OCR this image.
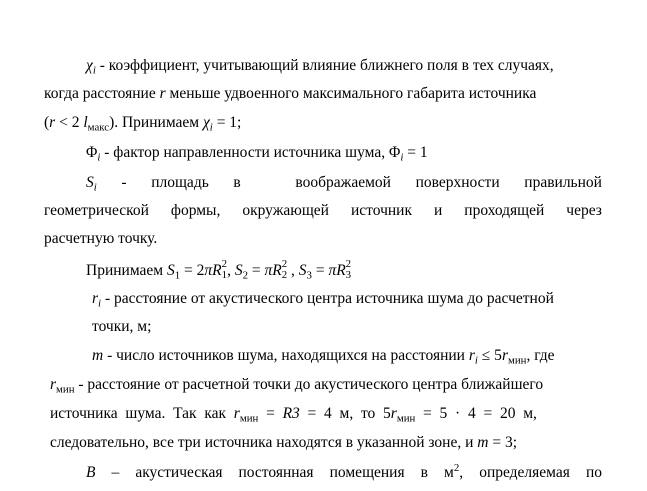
$\chi_i$ - коэффициент, учитывающий влияние ближнего поля в тех случаях,
когда расстояние r меньше удвоенного максимального габарита источника
(r < 2 $l_{макс}$). Принимаем $\chi_i = 1$;
$\Phi_i$ - фактор направленности источника шума, $\Phi_i = 1$
$S_i$ - площадь в	воображаемой поверхности правильной
геометрической формы, окружающей источник и проходящей через
расчетную точку.
Принимаем $S_1 = 2\pi R$ 2
1 , $S_2 = \pi R$ 2
2 , $S_3 = \pi R$ 2
3
$r_i$ - расстояние от акустического центра источника шума до расчетной
точки, м;
m - число источников шума, находящихся на расстоянии $r_i \le 5r_{мин}$, где
$r_{мин}$ - расстояние от расчетной точки до акустического центра ближайшего
источника  шума.  Так  как  $r_{мин} = R3 = 4$  м,  то  $5r_{мин} = 5 \cdot 4 = 20$  м,
следовательно, все три источника находятся в указанной зоне, и m = 3;
B – акустическая постоянная помещения в $м^2$, определяемая по
